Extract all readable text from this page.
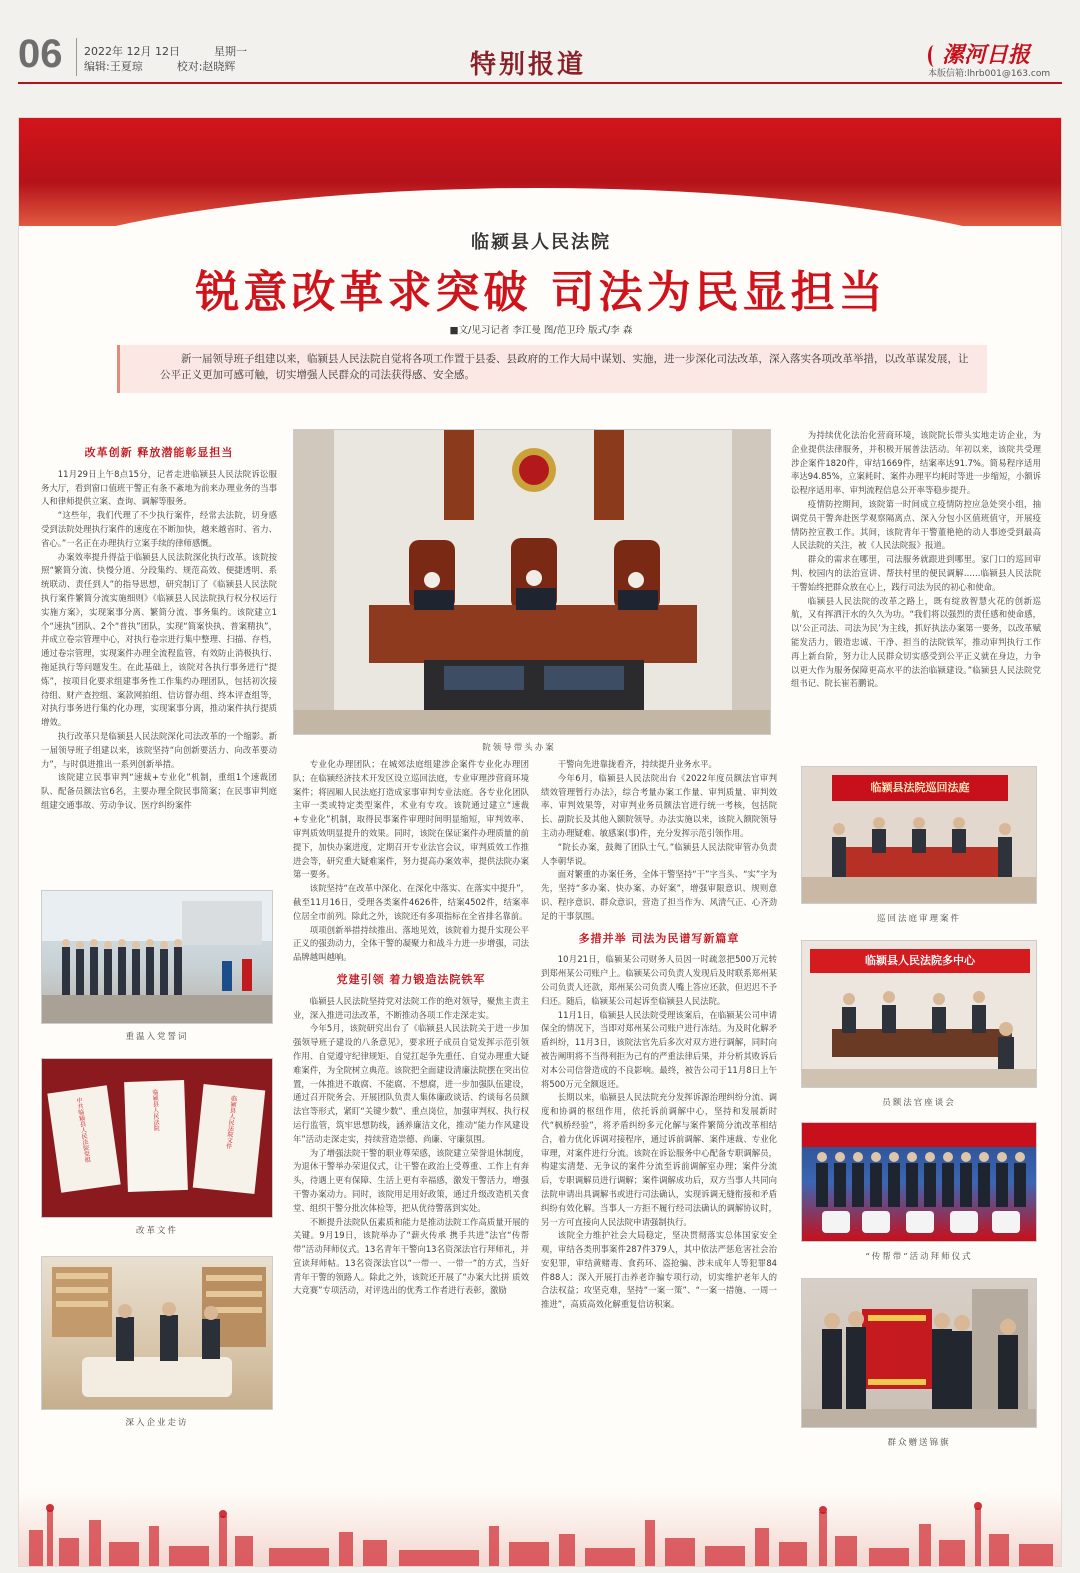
06 2022年 12月 12日	星期一
编辑:王夏琼	校对:赵晓辉	特别报道	漯河日报
本版信箱:lhrb001@163.com
临颍县人民法院
锐意改革求突破 司法为民显担当
■文/见习记者 李江曼 图/范卫玲 版式/李 森
新一届领导班子组建以来，临颍县人民法院自觉将各项工作置于县委、县政府的工作大局中谋划、实施，进一步深化司法改革，深入落实各项改革举措，以改革谋发展，让公平正义更加可感可触，切实增强人民群众的司法获得感、安全感。
改革创新 释放潜能彰显担当

11月29日上午8点15分，记者走进临颍县人民法院诉讼服务大厅，看到窗口值班干警正有条不紊地为前来办理业务的当事人和律师提供立案、查询、调解等服务。

“这些年，我们代理了不少执行案件，经常去法院，切身感受到法院处理执行案件的速度在不断加快，越来越省时、省力、省心。”一名正在办理执行立案手续的律师感慨。

办案效率提升得益于临颍县人民法院深化执行改革。该院按照“繁简分流、快慢分道、分段集约、规范高效、便捷透明、系统联动、责任到人”的指导思想，研究制订了《临颍县人民法院执行案件繁简分流实施细则》《临颍县人民法院执行权分权运行实施方案》，实现案事分离、繁简分流、事务集约。该院建立1个“速执”团队、2个“普执”团队，实现“简案快执、普案精执”，并成立卷宗管理中心，对执行卷宗进行集中整理、扫描、存档，通过卷宗管理，实现案件办理全流程监管，有效防止消极执行、拖延执行等问题发生。在此基础上，该院对各执行事务进行“提炼”，按项目化要求组建事务性工作集约办理团队，包括初次接待组、财产查控组、案款网拍组、信访督办组、终本评查组等，对执行事务进行集约化办理，实现案事分离，推动案件执行提质增效。

执行改革只是临颍县人民法院深化司法改革的一个缩影。新一届领导班子组建以来，该院坚持“向创新要活力、向改革要动力”，与时俱进推出一系列创新举措。

该院建立民事审判“速裁+专业化”机制，重组1个速裁团队、配备员额法官6名，主要办理全院民事简案；在民事审判庭组建交通事故、劳动争议、医疗纠纷案件

重温入党誓词
中共临颍县人民法院党组	临颍县人民法院	临颍县人民法院文件
改革文件
深入企业走访
院领导带头办案

专业化办理团队；在城郊法庭组建涉企案件专业化办理团队；在临颍经济技术开发区设立巡回法庭，专业审理涉营商环境案件；将固厢人民法庭打造成家事审判专业法庭。各专业化团队主审一类或特定类型案件，术业有专攻。该院通过建立“速裁+专业化”机制，取得民事案件审理时间明显缩短，审判效率、审判质效明显提升的效果。同时，该院在保证案件办理质量的前提下，加快办案进度，定期召开专业法官会议，审判质效工作推进会等，研究重大疑难案件，努力提高办案效率，提供法院办案第一要务。

该院坚持“在改革中深化、在深化中落实、在落实中提升”，截至11月16日，受理各类案件4626件，结案4502件，结案率位居全市前列。除此之外，该院还有多项指标在全省排名靠前。

项项创新举措持续推出、落地见效，该院着力提升实现公平正义的强劲动力，全体干警的凝聚力和战斗力进一步增强，司法品牌越叫越响。

党建引领 着力锻造法院铁军

临颍县人民法院坚持党对法院工作的绝对领导，聚焦主责主业，深入推进司法改革，不断推动各项工作走深走实。

今年5月，该院研究出台了《临颍县人民法院关于进一步加强领导班子建设的八条意见》，要求班子成员自觉发挥示范引领作用、自觉遵守纪律规矩、自觉扛起争先重任、自觉办理重大疑难案件，为全院树立典范。该院把全面建设清廉法院摆在突出位置，一体推进不敢腐、不能腐、不想腐，进一步加强队伍建设，通过召开院务会、开展团队负责人集体廉政谈话、约谈每名员额法官等形式，紧盯“关键少数”、重点岗位，加强审判权、执行权运行监管，筑牢思想防线，涵养廉洁文化，推动“能力作风建设年”活动走深走实，持续营造崇德、尚廉、守廉氛围。

为了增强法院干警的职业尊荣感，该院建立荣誉退休制度，为退休干警举办荣退仪式，让干警在政治上受尊重、工作上有奔头，待遇上更有保障、生活上更有幸福感，激发干警活力，增强干警办案动力。同时，该院用足用好政策，通过升级改造机关食堂、组织干警分批次体检等，把从优待警落到实处。

不断提升法院队伍素质和能力是推动法院工作高质量开展的关键。9月19日，该院举办了“薪火传承 携手共进”法官“传帮带”活动拜师仪式。13名青年干警向13名资深法官行拜师礼，并宣读拜师帖。13名资深法官以“一带一、一带一”的方式，当好青年干警的领路人。除此之外，该院还开展了“办案大比拼 质效大竞赛”专项活动，对评选出的优秀工作者进行表彰，激励

干警向先进靠拢看齐，持续提升业务水平。

今年6月，临颍县人民法院出台《2022年度员额法官审判绩效管理暂行办法》，综合考量办案工作量、审判质量、审判效率、审判效果等，对审判业务员额法官进行统一考核，包括院长、副院长及其他入额院领导。办法实施以来，该院入额院领导主动办理疑难、敏感案(事)件，充分发挥示范引领作用。

“院长办案，鼓舞了团队士气。”临颍县人民法院审管办负责人李朝华说。

面对繁重的办案任务，全体干警坚持“干”字当头、“实”字为先，坚持“多办案、快办案、办好案”，增强审限意识、规则意识、程序意识、群众意识，营造了担当作为、风清气正、心齐劲足的干事氛围。

多措并举 司法为民谱写新篇章

10月21日，临颍某公司财务人员因一时疏忽把500万元转到郑州某公司账户上。临颍某公司负责人发现后及时联系郑州某公司负责人还款，郑州某公司负责人嘴上答应还款，但迟迟不予归还。随后，临颍某公司起诉至临颍县人民法院。

11月1日，临颍县人民法院受理该案后，在临颍某公司申请保全的情况下，当即对郑州某公司账户进行冻结。为及时化解矛盾纠纷，11月3日，该院法官先后多次对双方进行调解，同时向被告阐明将不当得利拒为己有的严重法律后果，并分析其败诉后对本公司信誉造成的不良影响。最终，被告公司于11月8日上午将500万元全额返还。

长期以来，临颍县人民法院充分发挥诉源治理纠纷分流、调度和协调的枢纽作用，依托诉前调解中心，坚持和发展新时代“枫桥经验”，将矛盾纠纷多元化解与案件繁简分流改革相结合，着力优化诉调对接程序，通过诉前调解、案件速裁、专业化审理，对案件进行分流。该院在诉讼服务中心配备专职调解员，构建实清楚、无争议的案件分流至诉前调解室办理；案件分流后，专职调解员进行调解；案件调解成功后，双方当事人共同向法院申请出具调解书或进行司法确认，实现诉调无缝衔接和矛盾纠纷有效化解。当事人一方拒不履行经司法确认的调解协议时，另一方可直接向人民法院申请强制执行。

该院全力维护社会大局稳定，坚决贯彻落实总体国家安全观，审结各类刑事案件287件379人，其中依法严惩危害社会治安犯罪，审结黄赌毒、食药环、盗抢骗、涉未成年人等犯罪84件88人；深入开展打击养老诈骗专项行动，切实维护老年人的合法权益；攻坚克难，坚持“一案一策”、“一案一措施、一周一推进”，高质高效化解重复信访积案。

为持续优化法治化营商环境，该院院长带头实地走访企业，为企业提供法律服务，并积极开展普法活动。年初以来，该院共受理涉企案件1820件，审结1669件，结案率达91.7%。简易程序适用率达94.85%，立案耗时、案件办理平均耗时等进一步缩短，小额诉讼程序适用率、审判流程信息公开率等稳步提升。

疫情防控期间，该院第一时间成立疫情防控应急处突小组，抽调党员干警奔赴医学观察隔离点、深入分包小区值班值守，开展疫情防控宣教工作。其间，该院青年干警董艳艳的动人事迹受到最高人民法院的关注，被《人民法院报》报道。

群众的需求在哪里，司法服务就跟进到哪里。家门口的巡回审判、校园内的法治宣讲、帮扶村里的便民调解……临颍县人民法院干警始终把群众放在心上，践行司法为民的初心和使命。

临颍县人民法院的改革之路上，既有绽放智慧火花的创新巡航，又有挥洒汗水的久久为功。“我们将以强烈的责任感和使命感，以‘公正司法、司法为民’为主线，抓好执法办案第一要务，以改革赋能发活力，锻造忠诚、干净、担当的法院铁军，推动审判执行工作再上新台阶，努力让人民群众切实感受到公平正义就在身边，力争以更大作为服务保障更高水平的法治临颍建设。”临颍县人民法院党组书记、院长崔若鹏说。

临颍县法院巡回法庭
巡回法庭审理案件
临颍县人民法院多中心
员额法官座谈会
“传帮带”活动拜师仪式
群众赠送锦旗
